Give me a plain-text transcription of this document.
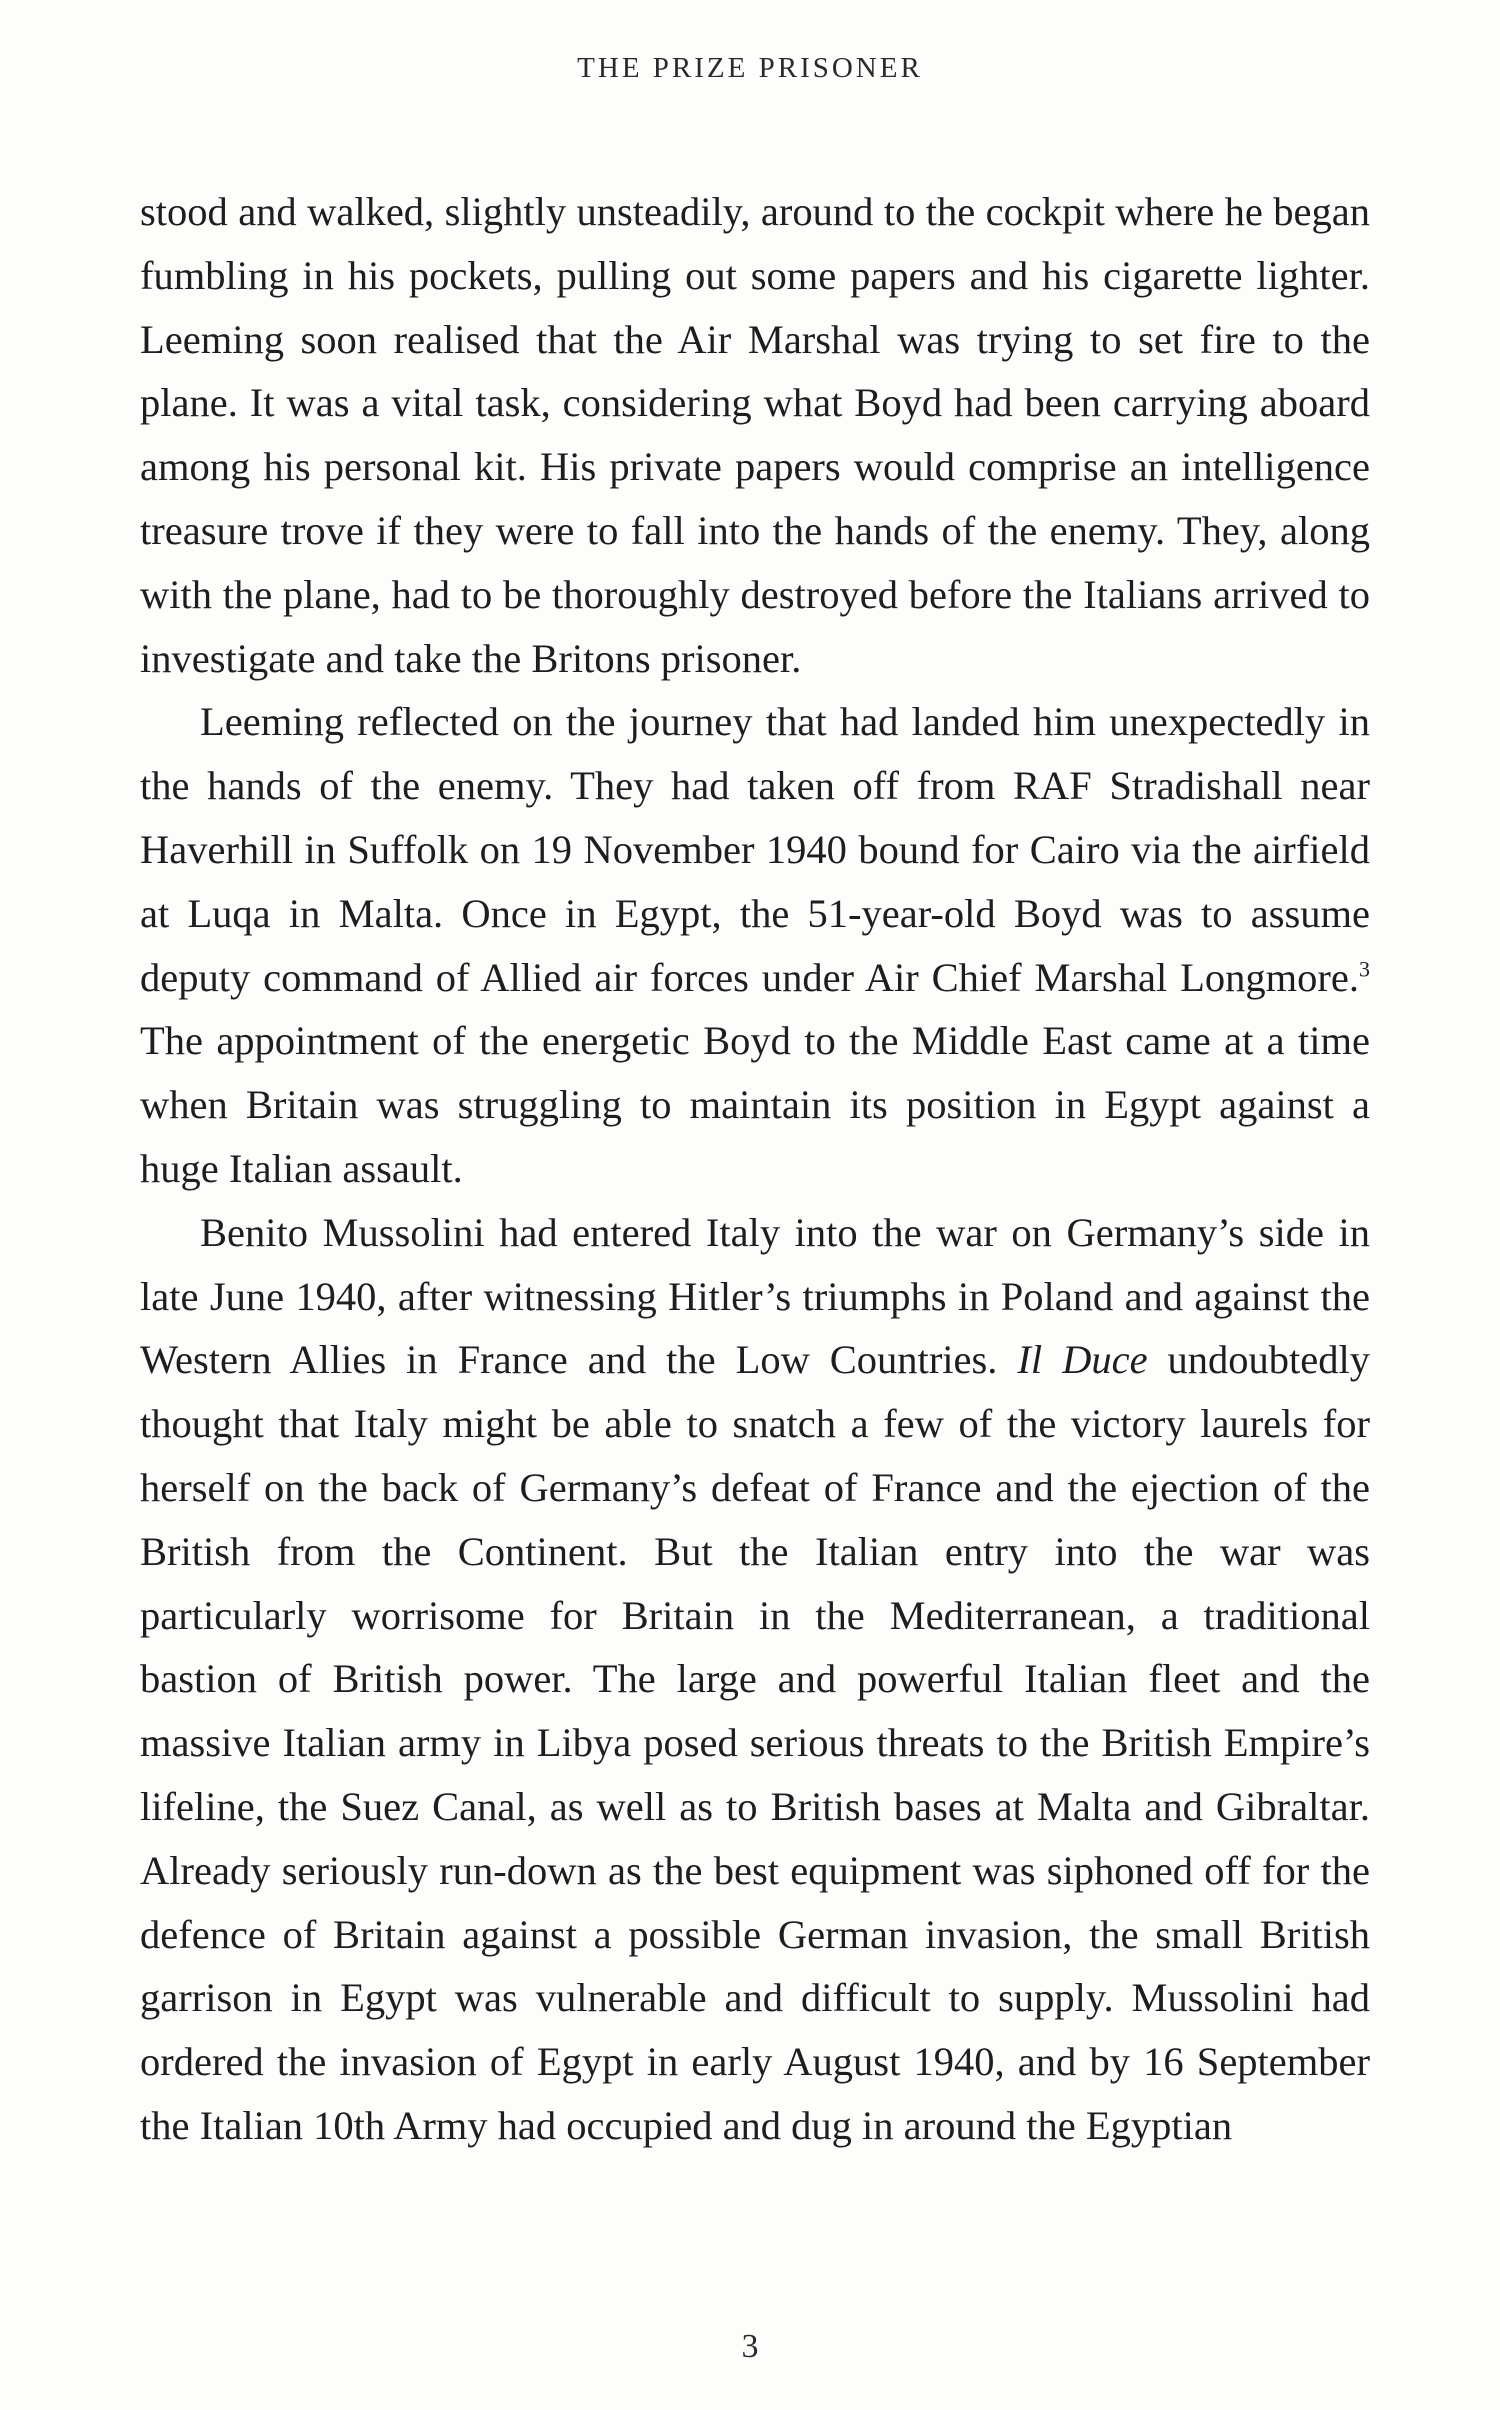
THE PRIZE PRISONER

stood and walked, slightly unsteadily, around to the cockpit where he began fumbling in his pockets, pulling out some papers and his cigarette lighter. Leeming soon realised that the Air Marshal was trying to set fire to the plane. It was a vital task, considering what Boyd had been carrying aboard among his personal kit. His private papers would comprise an intelligence treasure trove if they were to fall into the hands of the enemy. They, along with the plane, had to be thoroughly destroyed before the Italians arrived to investigate and take the Britons prisoner.

Leeming reflected on the journey that had landed him unexpectedly in the hands of the enemy. They had taken off from RAF Stradishall near Haverhill in Suffolk on 19 November 1940 bound for Cairo via the airfield at Luqa in Malta. Once in Egypt, the 51-year-old Boyd was to assume deputy command of Allied air forces under Air Chief Marshal Longmore.$^3$ The appointment of the energetic Boyd to the Middle East came at a time when Britain was struggling to maintain its position in Egypt against a huge Italian assault.

Benito Mussolini had entered Italy into the war on Germany’s side in late June 1940, after witnessing Hitler’s triumphs in Poland and against the Western Allies in France and the Low Countries. Il Duce undoubtedly thought that Italy might be able to snatch a few of the victory laurels for herself on the back of Germany’s defeat of France and the ejection of the British from the Continent. But the Italian entry into the war was particularly worrisome for Britain in the Mediterranean, a traditional bastion of British power. The large and powerful Italian fleet and the massive Italian army in Libya posed serious threats to the British Empire’s lifeline, the Suez Canal, as well as to British bases at Malta and Gibraltar. Already seriously run-down as the best equipment was siphoned off for the defence of Britain against a possible German invasion, the small British garrison in Egypt was vulnerable and difficult to supply. Mussolini had ordered the invasion of Egypt in early August 1940, and by 16 September the Italian 10th Army had occupied and dug in around the Egyptian

3
